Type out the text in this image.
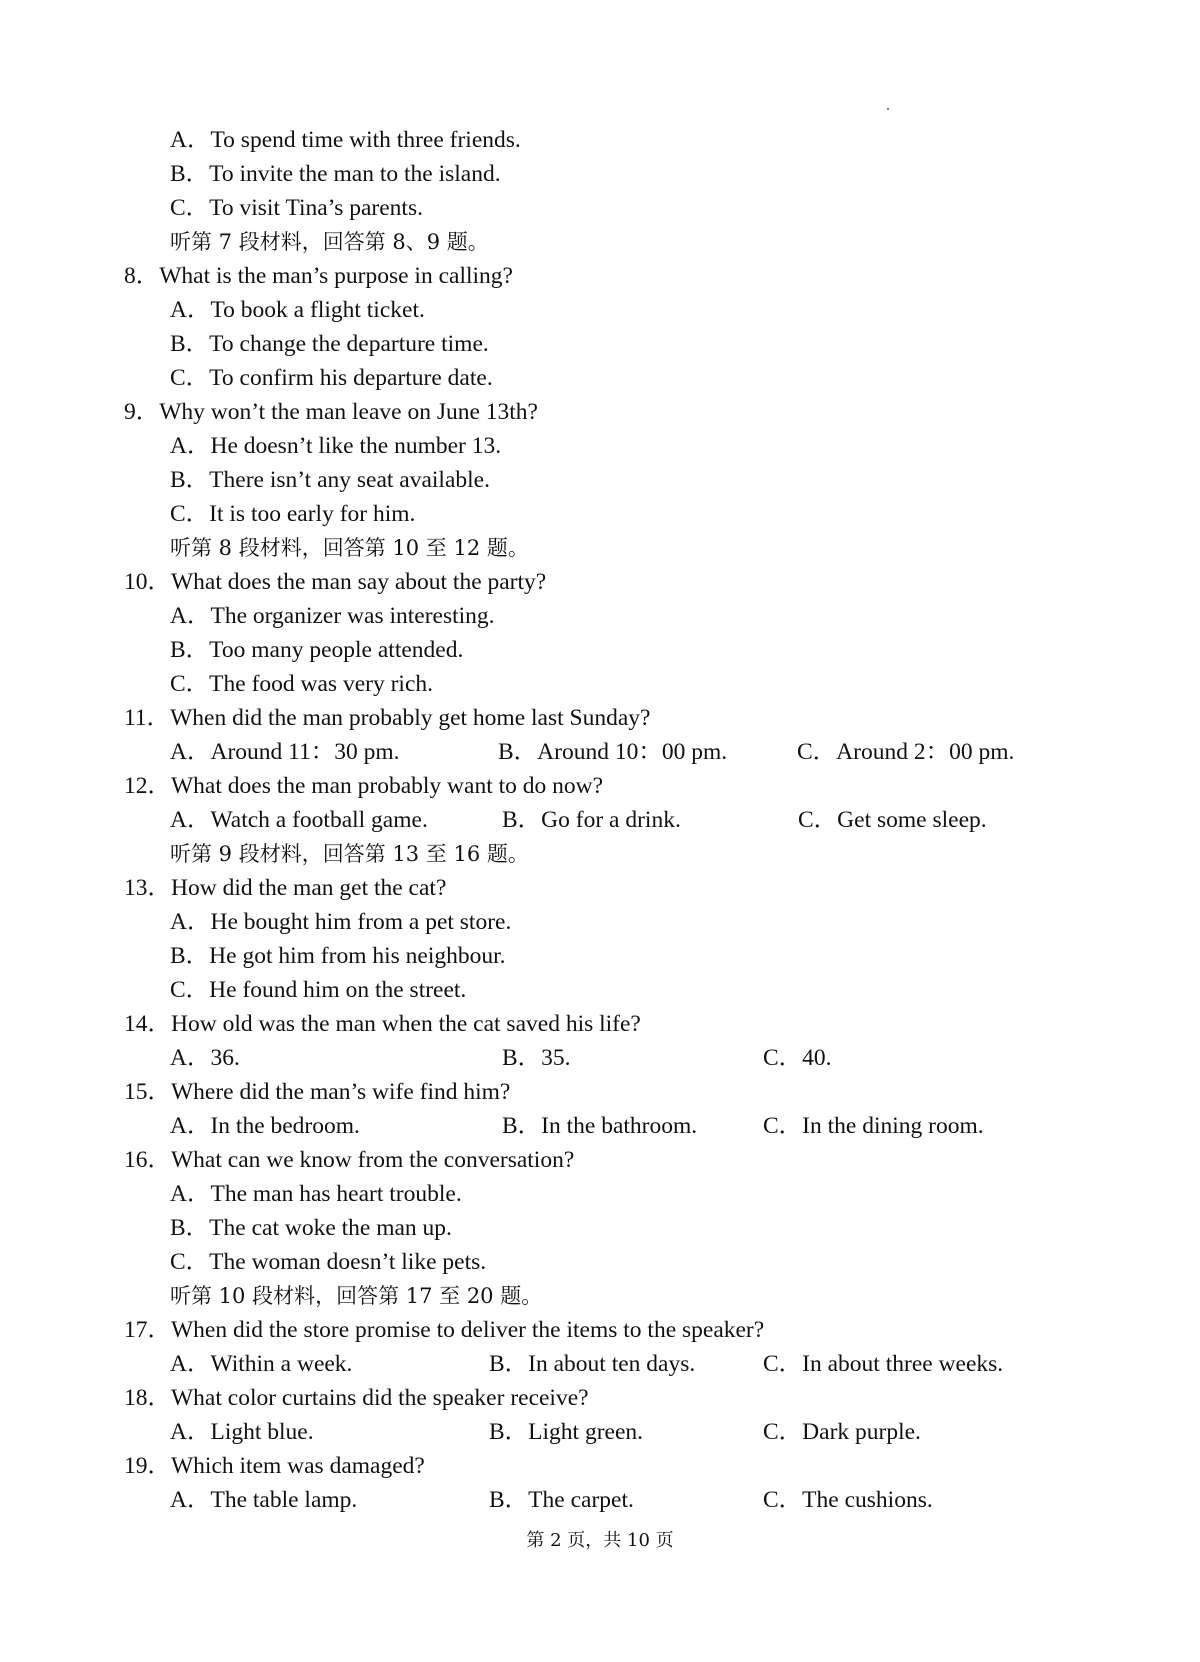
A．To spend time with three friends.
B．To invite the man to the island.
C．To visit Tina’s parents.
听第 7 段材料，回答第 8、9 题。
8．What is the man’s purpose in calling?
A．To book a flight ticket.
B．To change the departure time.
C．To confirm his departure date.
9．Why won’t the man leave on June 13th?
A．He doesn’t like the number 13.
B．There isn’t any seat available.
C．It is too early for him.
听第 8 段材料，回答第 10 至 12 题。
10．What does the man say about the party?
A．The organizer was interesting.
B．Too many people attended.
C．The food was very rich.
11．When did the man probably get home last Sunday?
A．Around 11：30 pm.	B．Around 10：00 pm.	C．Around 2：00 pm.
12．What does the man probably want to do now?
A．Watch a football game.	B．Go for a drink.	C．Get some sleep.
听第 9 段材料，回答第 13 至 16 题。
13．How did the man get the cat?
A．He bought him from a pet store.
B．He got him from his neighbour.
C．He found him on the street.
14．How old was the man when the cat saved his life?
A．36.	B．35.	C．40.
15．Where did the man’s wife find him?
A．In the bedroom.	B．In the bathroom.	C．In the dining room.
16．What can we know from the conversation?
A．The man has heart trouble.
B．The cat woke the man up.
C．The woman doesn’t like pets.
听第 10 段材料，回答第 17 至 20 题。
17．When did the store promise to deliver the items to the speaker?
A．Within a week.	B．In about ten days.	C．In about three weeks.
18．What color curtains did the speaker receive?
A．Light blue.	B．Light green.	C．Dark purple.
19．Which item was damaged?
A．The table lamp.	B．The carpet.	C．The cushions.
第 2 页，共 10 页
